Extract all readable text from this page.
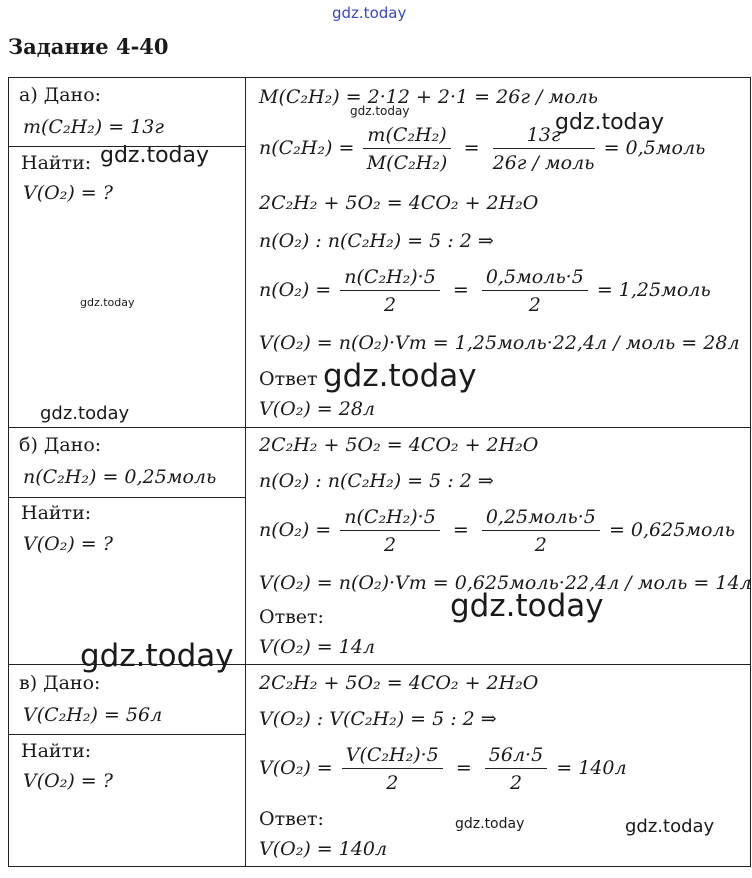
gdz.today
Задание 4-40
а) Дано:
m(C₂H₂) = 13г
Найти:
V(O₂) = ?
M(C₂H₂) = 2·12 + 2·1 = 26г / моль
$n(C_2H_2) = \frac{\text{m(C₂H₂)}}{\text{M(C₂H₂)}} = \frac{13г}{\text{26г / моль}}$ = 0,5моль
2C₂H₂ + 5O₂ = 4CO₂ + 2H₂O
n(O₂) : n(C₂H₂) = 5 : 2 ⇒
$n(O_2) = \frac{\text{n(C₂H₂)·5}}{2} = \frac{\text{0,5моль·5}}{2}$ = 1,25моль
V(O₂) = n(O₂)·Vm = 1,25моль·22,4л / моль = 28л
Ответ
V(O₂) = 28л
б) Дано:
n(C₂H₂) = 0,25моль
Найти:
V(O₂) = ?
2C₂H₂ + 5O₂ = 4CO₂ + 2H₂O
n(O₂) : n(C₂H₂) = 5 : 2 ⇒
$n(O_2) = \frac{\text{n(C₂H₂)·5}}{2} = \frac{\text{0,25моль·5}}{2}$ = 0,625моль
V(O₂) = n(O₂)·Vm = 0,625моль·22,4л / моль = 14л
Ответ:
V(O₂) = 14л
в) Дано:
V(C₂H₂) = 56л
Найти:
V(O₂) = ?
2C₂H₂ + 5O₂ = 4CO₂ + 2H₂O
V(O₂) : V(C₂H₂) = 5 : 2 ⇒
$V(O_2) = \frac{\text{V(C₂H₂)·5}}{2} = \frac{56л\cdot 5}{2} = 140л$
Ответ:
V(O₂) = 140л
gdz.today
gdz.today
gdz.today
gdz.today
gdz.today
gdz.today
gdz.today
gdz.today
gdz.today	gdz.today
